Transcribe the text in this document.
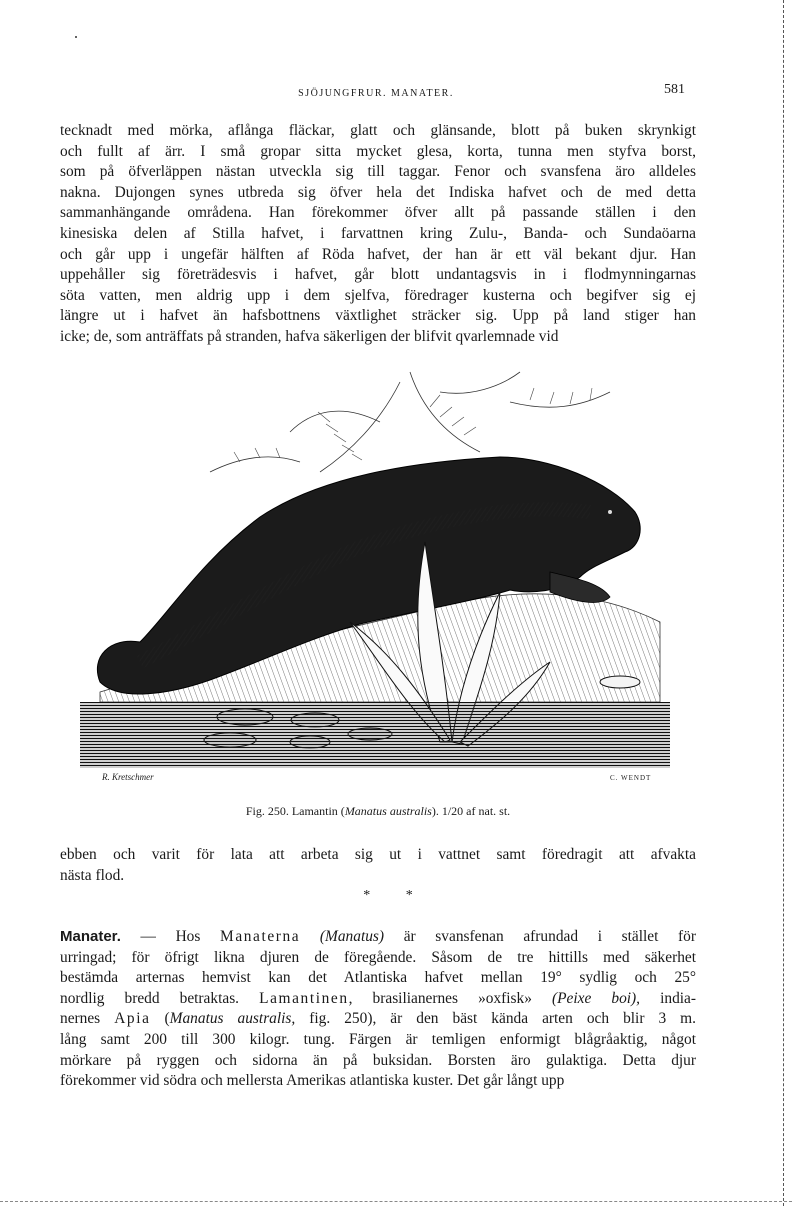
SJÖJUNGFRUR. MANATER.	581
tecknadt med mörka, aflånga fläckar, glatt och glänsande, blott på buken skrynkigt
och fullt af ärr. I små gropar sitta mycket glesa, korta, tunna men styfva borst,
som på öfverläppen nästan utveckla sig till taggar. Fenor och svansfena äro alldeles
nakna. Dujongen synes utbreda sig öfver hela det Indiska hafvet och de med detta
sammanhängande områdena. Han förekommer öfver allt på passande ställen i den
kinesiska delen af Stilla hafvet, i farvattnen kring Zulu-, Banda- och Sundaöarna
och går upp i ungefär hälften af Röda hafvet, der han är ett väl bekant djur. Han
uppehåller sig företrädesvis i hafvet, går blott undantagsvis in i flodmynningarnas
söta vatten, men aldrig upp i dem sjelfva, föredrager kusterna och begifver sig ej
längre ut i hafvet än hafsbottnens växtlighet sträcker sig. Upp på land stiger han
icke; de, som anträffats på stranden, hafva säkerligen der blifvit qvarlemnade vid
R. Kretschmer	C. WENDT
Fig. 250. Lamantin (Manatus australis). 1/20 af nat. st.
ebben och varit för lata att arbeta sig ut i vattnet samt föredragit att afvakta
nästa flod.
* *
Manater. — Hos Manaterna (Manatus) är svansfenan afrundad i stället för
urringad; för öfrigt likna djuren de föregående. Såsom de tre hittills med säkerhet
bestämda arternas hemvist kan det Atlantiska hafvet mellan 19° sydlig och 25°
nordlig bredd betraktas. Lamantinen, brasilianernes »oxfisk» (Peixe boi), india-
nernes Apia (Manatus australis, fig. 250), är den bäst kända arten och blir 3 m.
lång samt 200 till 300 kilogr. tung. Färgen är temligen enformigt blågråaktig, något
mörkare på ryggen och sidorna än på buksidan. Borsten äro gulaktiga. Detta djur
förekommer vid södra och mellersta Amerikas atlantiska kuster. Det går långt upp
